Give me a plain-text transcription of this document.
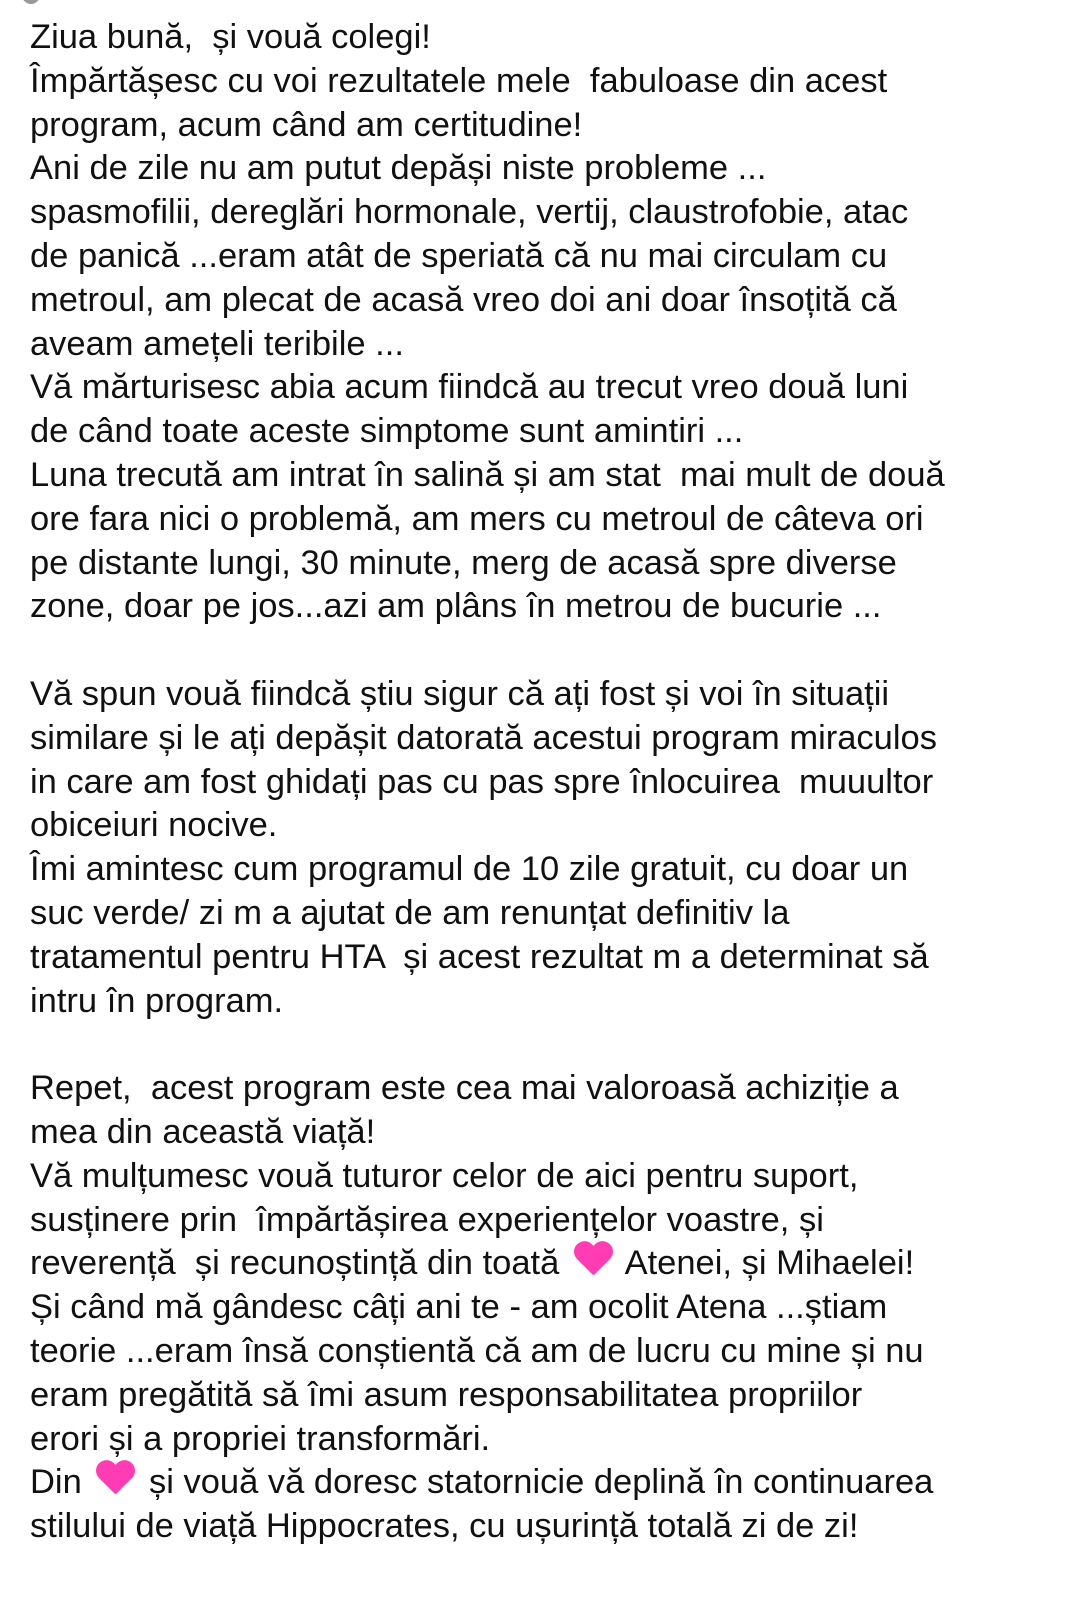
Ziua bună,  și vouă colegi!
Împărtășesc cu voi rezultatele mele  fabuloase din acest
program, acum când am certitudine!
Ani de zile nu am putut depăși niste probleme ...
spasmofilii, dereglări hormonale, vertij, claustrofobie, atac
de panică ...eram atât de speriată că nu mai circulam cu
metroul, am plecat de acasă vreo doi ani doar însoțită că
aveam amețeli teribile ...
Vă mărturisesc abia acum fiindcă au trecut vreo două luni
de când toate aceste simptome sunt amintiri ...
Luna trecută am intrat în salină și am stat  mai mult de două
ore fara nici o problemă, am mers cu metroul de câteva ori
pe distante lungi, 30 minute, merg de acasă spre diverse
zone, doar pe jos...azi am plâns în metrou de bucurie ...
Vă spun vouă fiindcă știu sigur că ați fost și voi în situații
similare și le ați depășit datorată acestui program miraculos
in care am fost ghidați pas cu pas spre înlocuirea  muuultor
obiceiuri nocive.
Îmi amintesc cum programul de 10 zile gratuit, cu doar un
suc verde/ zi m a ajutat de am renunțat definitiv la
tratamentul pentru HTA  și acest rezultat m a determinat să
intru în program.
Repet,  acest program este cea mai valoroasă achiziție a
mea din această viață!
Vă mulțumesc vouă tuturor celor de aici pentru suport,
susținere prin  împărtășirea experiențelor voastre, și
reverență  și recunoștință din toată  Atenei, și Mihaelei!
Și când mă gândesc câți ani te - am ocolit Atena ...știam
teorie ...eram însă conștientă că am de lucru cu mine și nu
eram pregătită să îmi asum responsabilitatea propriilor
erori și a propriei transformări.
Din  și vouă vă doresc statornicie deplină în continuarea
stilului de viață Hippocrates, cu ușurință totală zi de zi!
